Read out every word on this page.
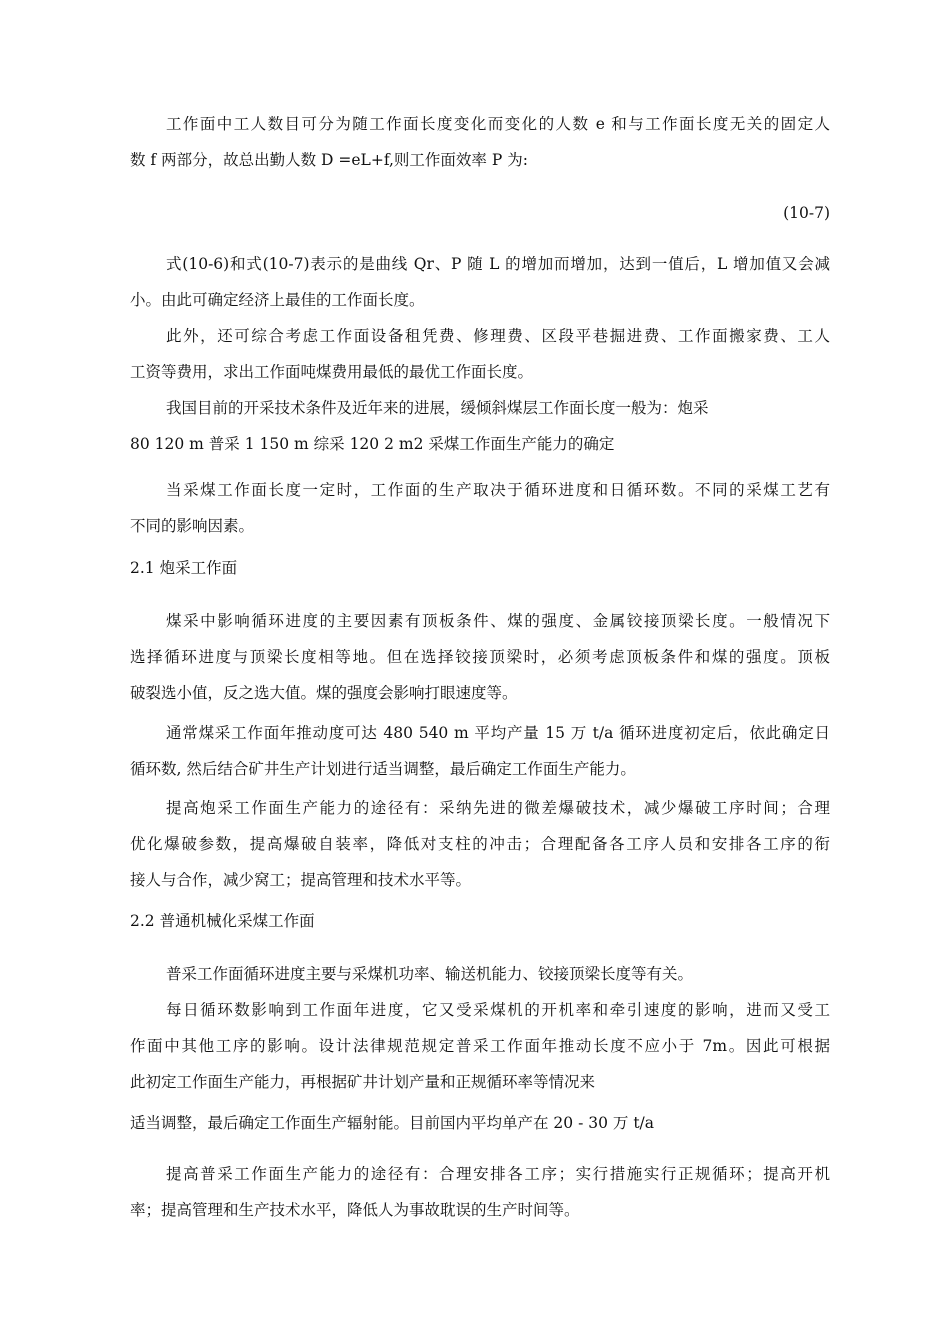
工作面中工人数目可分为随工作面长度变化而变化的人数 e 和与工作面长度无关的固定人
数 f 两部分，故总出勤人数 D =eL+f,则工作面效率 P 为:
(10-7)
式(10-6)和式(10-7)表示的是曲线 Qr、P 随 L 的增加而增加，达到一值后，L 增加值又会减
小。由此可确定经济上最佳的工作面长度。
此外，还可综合考虑工作面设备租凭费、修理费、区段平巷掘进费、工作面搬家费、工人
工资等费用，求出工作面吨煤费用最低的最优工作面长度。
我国目前的开采技术条件及近年来的进展，缓倾斜煤层工作面长度一般为：炮采
80 120 m 普采 1 150 m 综采 120 2 m2 采煤工作面生产能力的确定
当采煤工作面长度一定时，工作面的生产取决于循环进度和日循环数。不同的采煤工艺有
不同的影响因素。
2.1 炮采工作面
煤采中影响循环进度的主要因素有顶板条件、煤的强度、金属铰接顶梁长度。一般情况下
选择循环进度与顶梁长度相等地。但在选择铰接顶梁时，必须考虑顶板条件和煤的强度。顶板
破裂选小值，反之选大值。煤的强度会影响打眼速度等。
通常煤采工作面年推动度可达 480 540 m 平均产量 15 万 t/a 循环进度初定后，依此确定日
循环数, 然后结合矿井生产计划进行适当调整，最后确定工作面生产能力。
提高炮采工作面生产能力的途径有：采纳先进的微差爆破技术，减少爆破工序时间；合理
优化爆破参数，提高爆破自装率，降低对支柱的冲击；合理配备各工序人员和安排各工序的衔
接人与合作，减少窝工；提高管理和技术水平等。
2.2 普通机械化采煤工作面
普采工作面循环进度主要与采煤机功率、输送机能力、铰接顶梁长度等有关。
每日循环数影响到工作面年进度，它又受采煤机的开机率和牵引速度的影响，进而又受工
作面中其他工序的影响。设计法律规范规定普采工作面年推动长度不应小于 7m。因此可根据
此初定工作面生产能力，再根据矿井计划产量和正规循环率等情况来
适当调整，最后确定工作面生产辐射能。目前国内平均单产在 20 - 30 万 t/a
提高普采工作面生产能力的途径有：合理安排各工序；实行措施实行正规循环；提高开机
率；提高管理和生产技术水平，降低人为事故耽误的生产时间等。
